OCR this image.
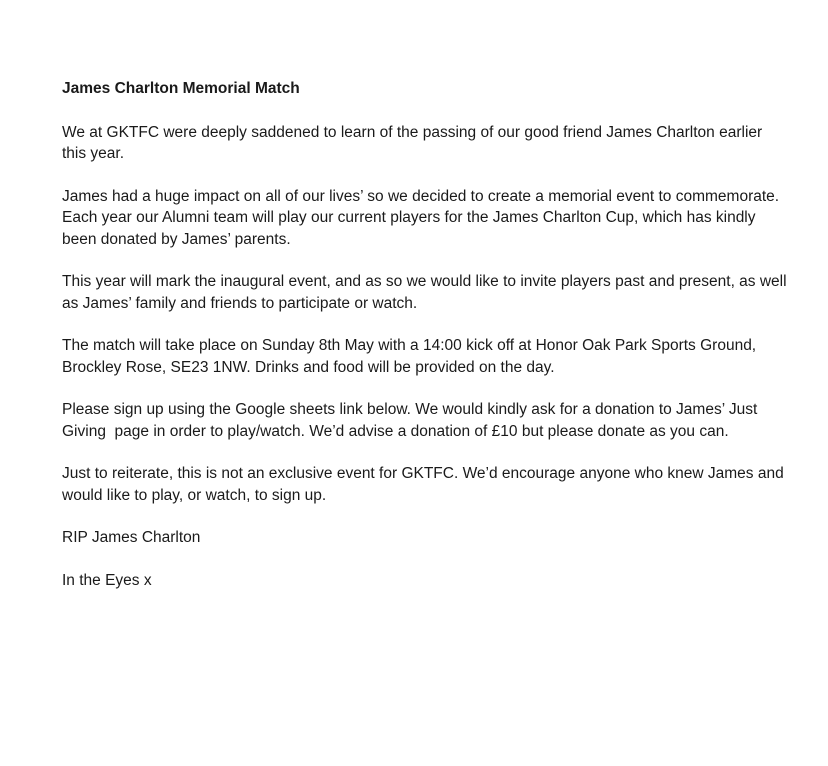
James Charlton Memorial Match

We at GKTFC were deeply saddened to learn of the passing of our good friend James Charlton earlier this year.

James had a huge impact on all of our lives’ so we decided to create a memorial event to commemorate. Each year our Alumni team will play our current players for the James Charlton Cup, which has kindly been donated by James’ parents.

This year will mark the inaugural event, and as so we would like to invite players past and present, as well as James’ family and friends to participate or watch.

The match will take place on Sunday 8th May with a 14:00 kick off at Honor Oak Park Sports Ground, Brockley Rose, SE23 1NW. Drinks and food will be provided on the day.

Please sign up using the Google sheets link below. We would kindly ask for a donation to James’ Just Giving  page in order to play/watch. We’d advise a donation of £10 but please donate as you can.

Just to reiterate, this is not an exclusive event for GKTFC. We’d encourage anyone who knew James and would like to play, or watch, to sign up.

RIP James Charlton

In the Eyes x
